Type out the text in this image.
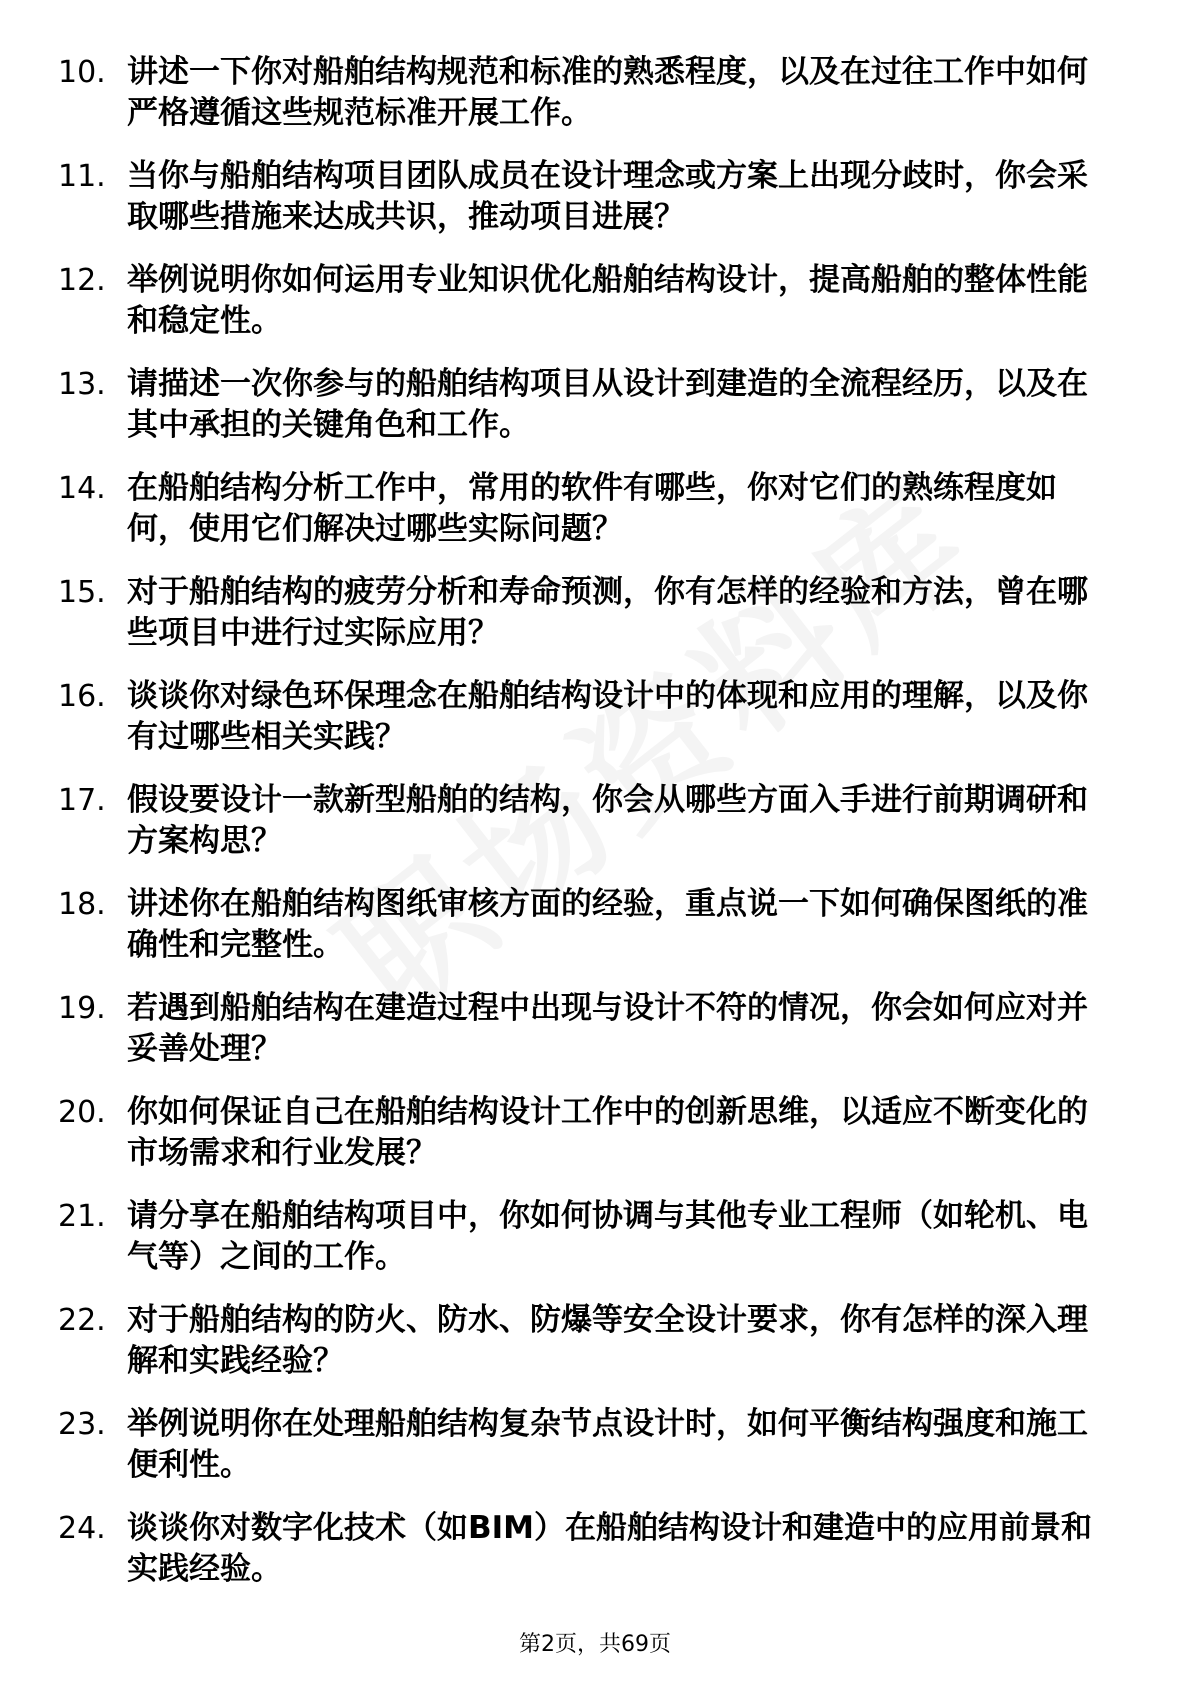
10. 讲述一下你对船舶结构规范和标准的熟悉程度，以及在过往工作中如何严格遵循这些规范标准开展工作。
11. 当你与船舶结构项目团队成员在设计理念或方案上出现分歧时，你会采取哪些措施来达成共识，推动项目进展？
12. 举例说明你如何运用专业知识优化船舶结构设计，提高船舶的整体性能和稳定性。
13. 请描述一次你参与的船舶结构项目从设计到建造的全流程经历，以及在其中承担的关键角色和工作。
14. 在船舶结构分析工作中，常用的软件有哪些，你对它们的熟练程度如何，使用它们解决过哪些实际问题？
15. 对于船舶结构的疲劳分析和寿命预测，你有怎样的经验和方法，曾在哪些项目中进行过实际应用？
16. 谈谈你对绿色环保理念在船舶结构设计中的体现和应用的理解，以及你有过哪些相关实践？
17. 假设要设计一款新型船舶的结构，你会从哪些方面入手进行前期调研和方案构思？
18. 讲述你在船舶结构图纸审核方面的经验，重点说一下如何确保图纸的准确性和完整性。
19. 若遇到船舶结构在建造过程中出现与设计不符的情况，你会如何应对并妥善处理？
20. 你如何保证自己在船舶结构设计工作中的创新思维，以适应不断变化的市场需求和行业发展？
21. 请分享在船舶结构项目中，你如何协调与其他专业工程师（如轮机、电气等）之间的工作。
22. 对于船舶结构的防火、防水、防爆等安全设计要求，你有怎样的深入理解和实践经验？
23. 举例说明你在处理船舶结构复杂节点设计时，如何平衡结构强度和施工便利性。
24. 谈谈你对数字化技术（如BIM）在船舶结构设计和建造中的应用前景和实践经验。
第2页，共69页
